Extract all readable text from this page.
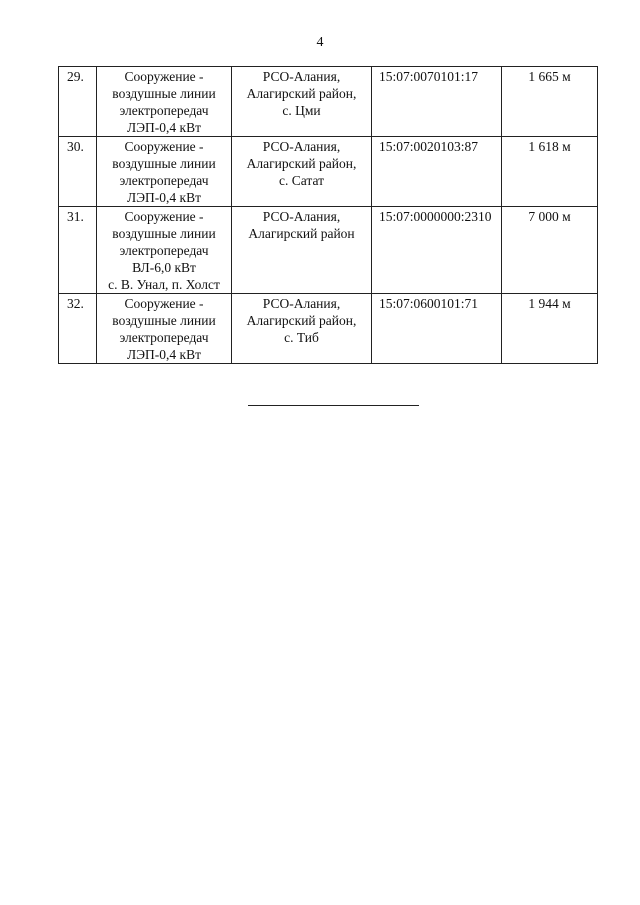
4
29.	Сооружение -
воздушные линии
электропередач
ЛЭП-0,4 кВт	РСО-Алания,
Алагирский район,
с. Цми	15:07:0070101:17	1 665 м
30.	Сооружение -
воздушные линии
электропередач
ЛЭП-0,4 кВт	РСО-Алания,
Алагирский район,
с. Сатат	15:07:0020103:87	1 618 м
31.	Сооружение -
воздушные линии
электропередач
ВЛ-6,0 кВт
с. В. Унал, п. Холст	РСО-Алания,
Алагирский район	15:07:0000000:2310	7 000 м
32.	Сооружение -
воздушные линии
электропередач
ЛЭП-0,4 кВт	РСО-Алания,
Алагирский район,
с. Тиб	15:07:0600101:71	1 944 м
